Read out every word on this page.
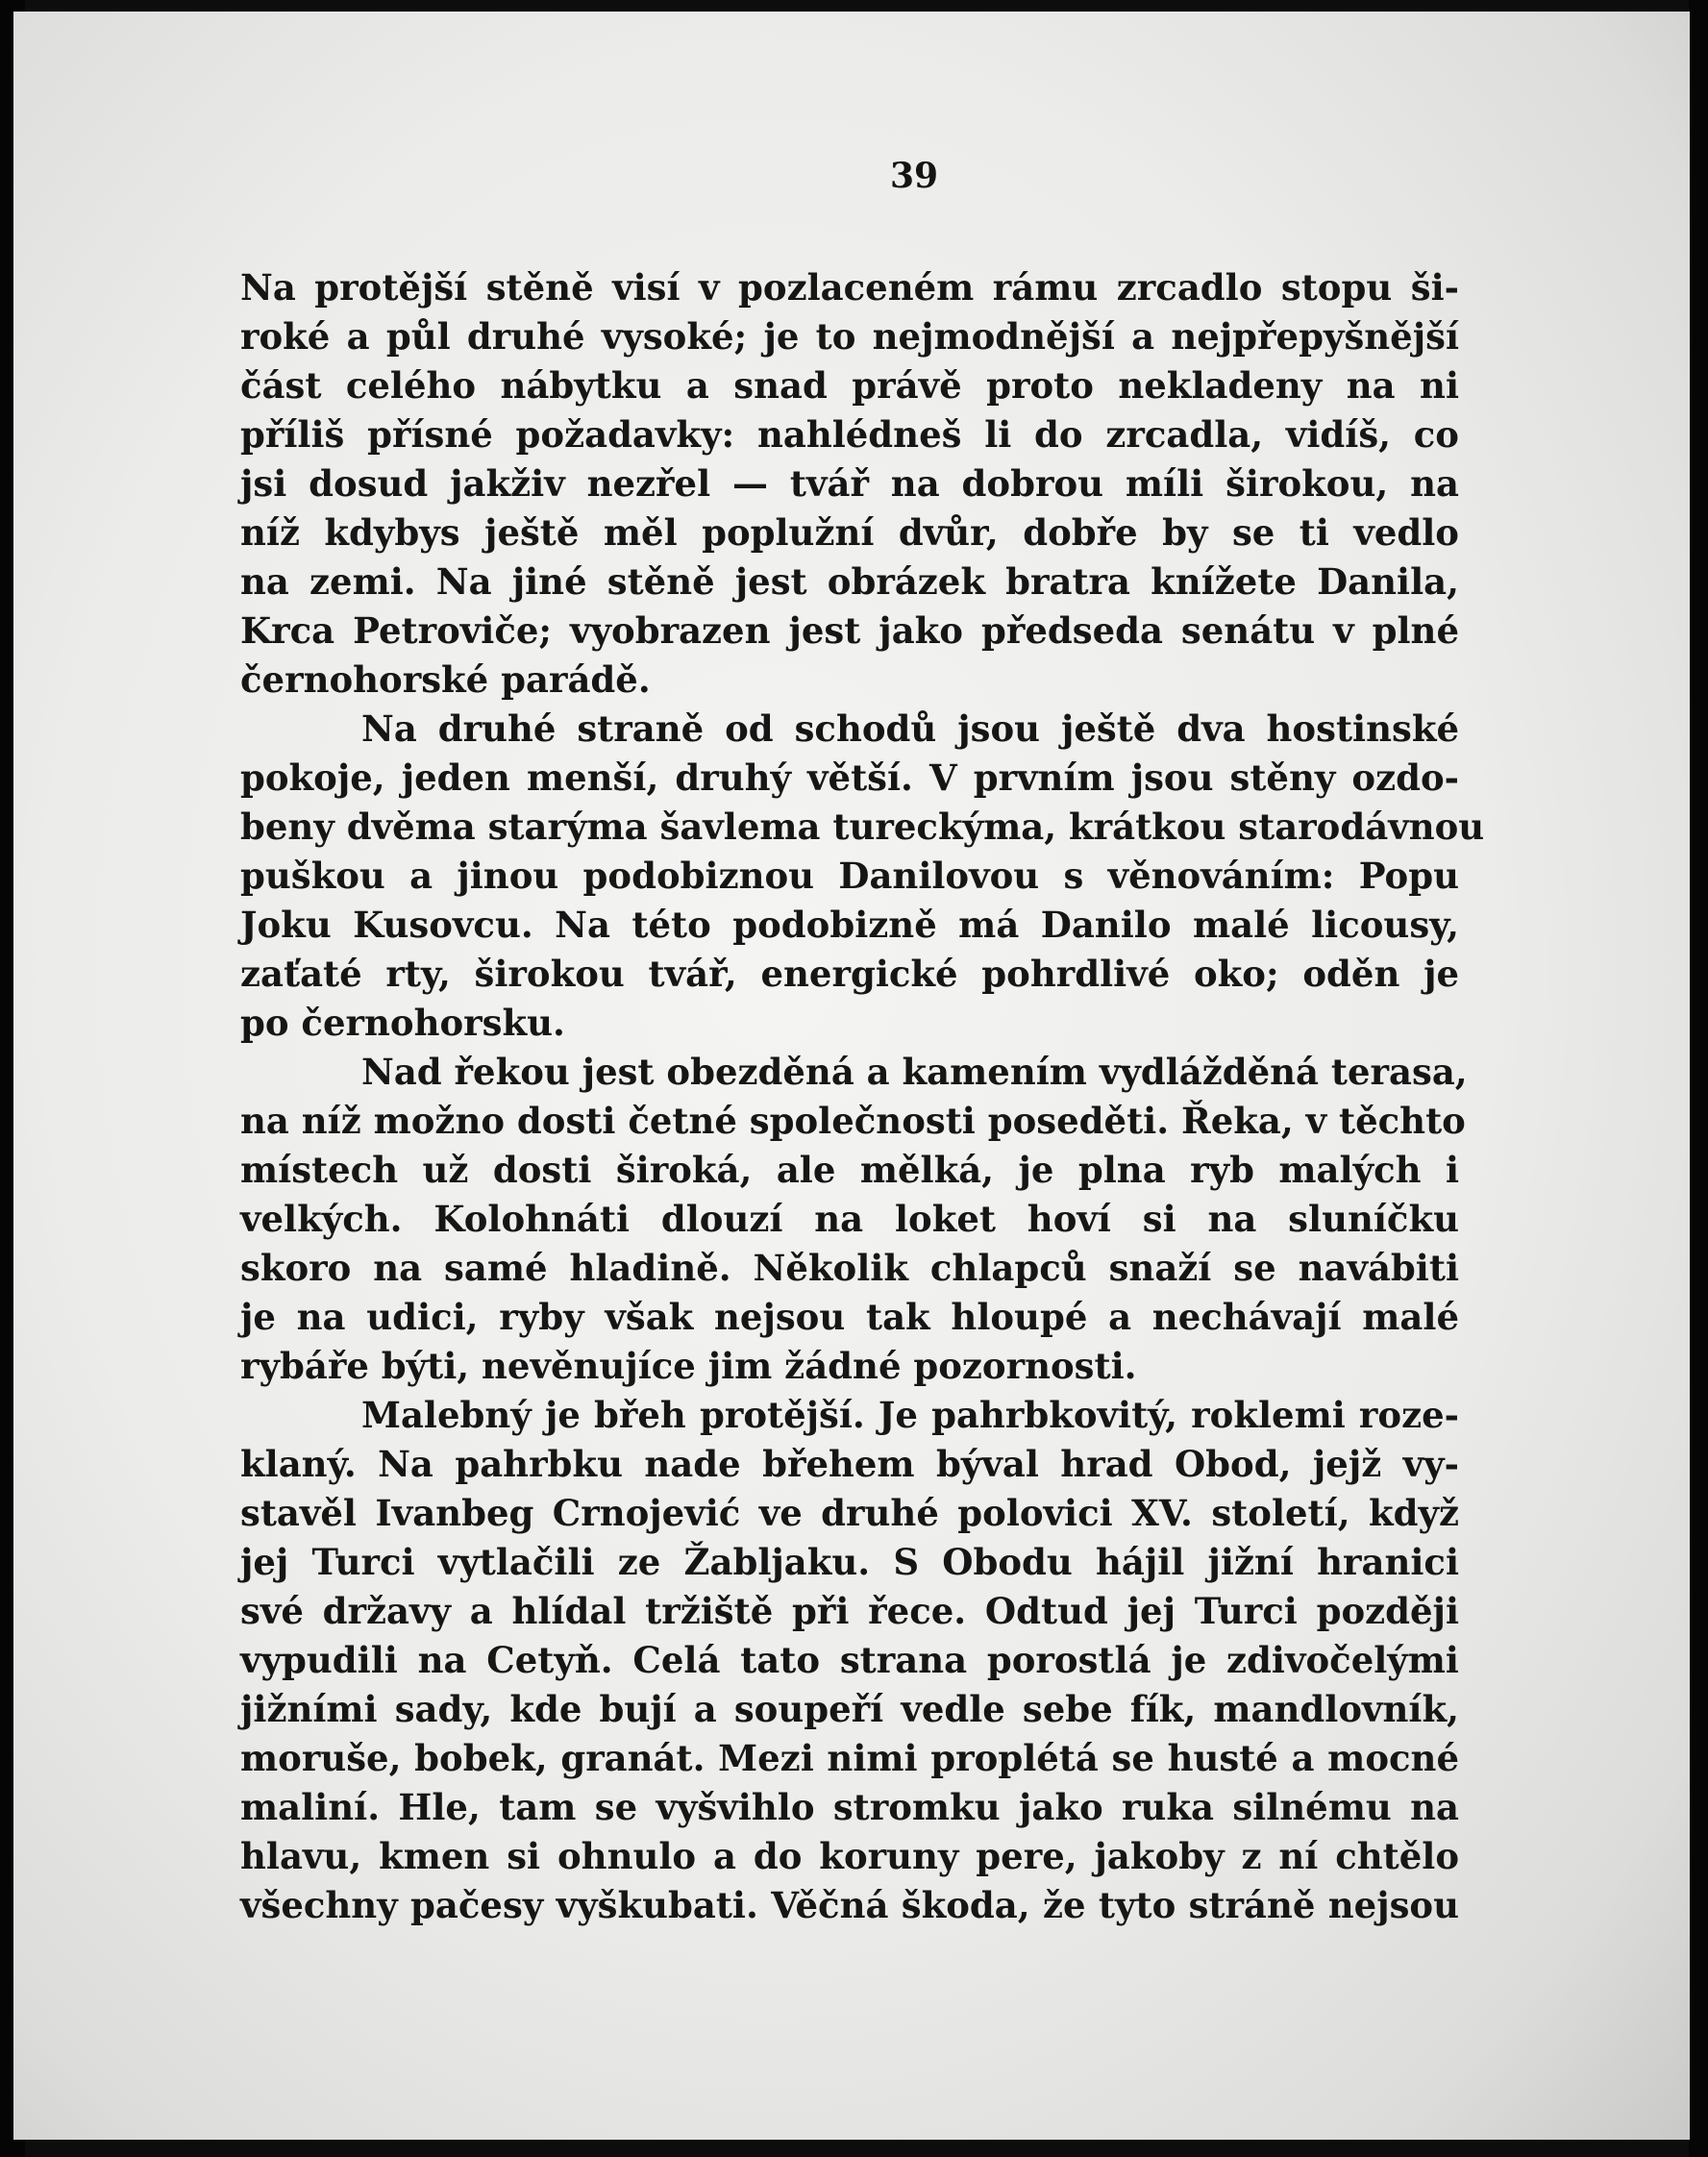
39
Na protější stěně visí v pozlaceném rámu zrcadlo stopu ši-
roké a půl druhé vysoké; je to nejmodnější a nejpřepyšnější
část celého nábytku a snad právě proto nekladeny na ni
příliš přísné požadavky: nahlédneš li do zrcadla, vidíš, co
jsi dosud jakživ nezřel — tvář na dobrou míli širokou, na
níž kdybys ještě měl poplužní dvůr, dobře by se ti vedlo
na zemi. Na jiné stěně jest obrázek bratra knížete Danila,
Krca Petroviče; vyobrazen jest jako předseda senátu v plné
černohorské parádě.
Na druhé straně od schodů jsou ještě dva hostinské
pokoje, jeden menší, druhý větší. V prvním jsou stěny ozdo-
beny dvěma starýma šavlema tureckýma, krátkou starodávnou
puškou a jinou podobiznou Danilovou s věnováním: Popu
Joku Kusovcu. Na této podobizně má Danilo malé licousy,
zaťaté rty, širokou tvář, energické pohrdlivé oko; oděn je
po černohorsku.
Nad řekou jest obezděná a kamením vydlážděná terasa,
na níž možno dosti četné společnosti poseděti. Řeka, v těchto
místech už dosti široká, ale mělká, je plna ryb malých i
velkých. Kolohnáti dlouzí na loket hoví si na sluníčku
skoro na samé hladině. Několik chlapců snaží se navábiti
je na udici, ryby však nejsou tak hloupé a nechávají malé
rybáře býti, nevěnujíce jim žádné pozornosti.
Malebný je břeh protější. Je pahrbkovitý, roklemi roze-
klaný. Na pahrbku nade břehem býval hrad Obod, jejž vy-
stavěl Ivanbeg Crnojević ve druhé polovici XV. století, když
jej Turci vytlačili ze Žabljaku. S Obodu hájil jižní hranici
své državy a hlídal tržiště při řece. Odtud jej Turci později
vypudili na Cetyň. Celá tato strana porostlá je zdivočelými
jižními sady, kde bují a soupeří vedle sebe fík, mandlovník,
moruše, bobek, granát. Mezi nimi proplétá se husté a mocné
maliní. Hle, tam se vyšvihlo stromku jako ruka silnému na
hlavu, kmen si ohnulo a do koruny pere, jakoby z ní chtělo
všechny pačesy vyškubati. Věčná škoda, že tyto stráně nejsou
